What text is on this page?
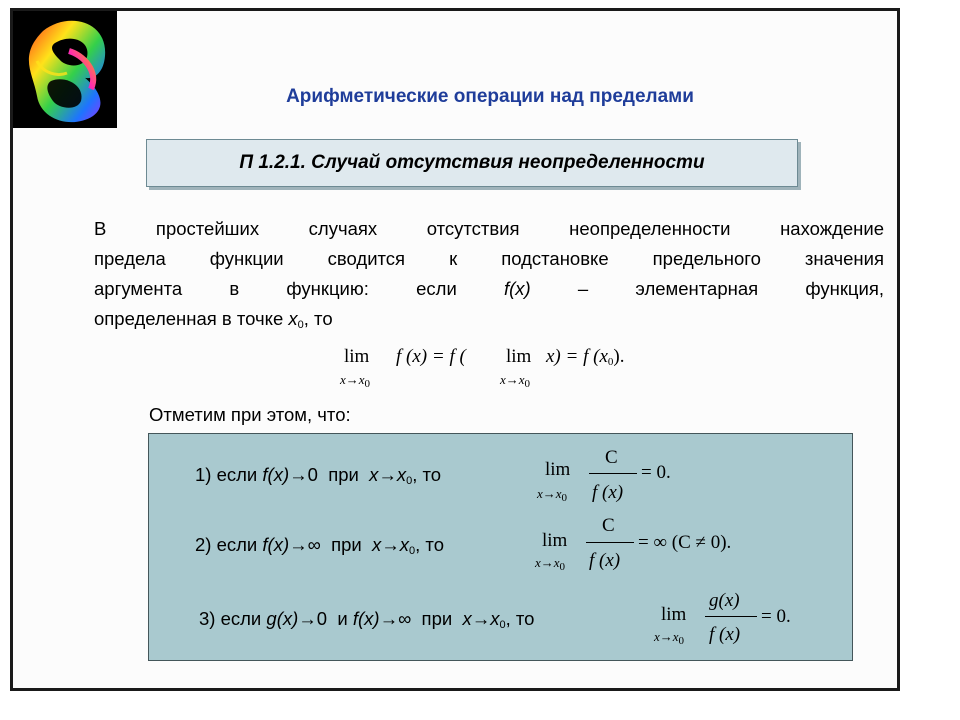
Арифметические операции над пределами
П 1.2.1. Случай отсутствия неопределенности
В простейших случаях отсутствия неопределенности нахождение
предела функции сводится к подстановке предельного значения
аргумента в функцию: если f(x) – элементарная функция,
определенная в точке $x_0$, то
lim
$x\to x_0$
f (x) = f ( lim
$x\to x_0$
x) = f $(x_0)$.
Отметим при этом, что:
1) если f(x)→0  при  $x\to x_0$, то	lim
$x\to x_0$
C
f (x)
= 0.
2) если f(x)→∞  при  $x\to x_0$, то	lim
$x\to x_0$
C
f (x)
= ∞ (C ≠ 0).
3) если g(x)→0  и f(x)→∞  при  $x\to x_0$, то	lim
$x\to x_0$
g(x)
f (x)
= 0.
